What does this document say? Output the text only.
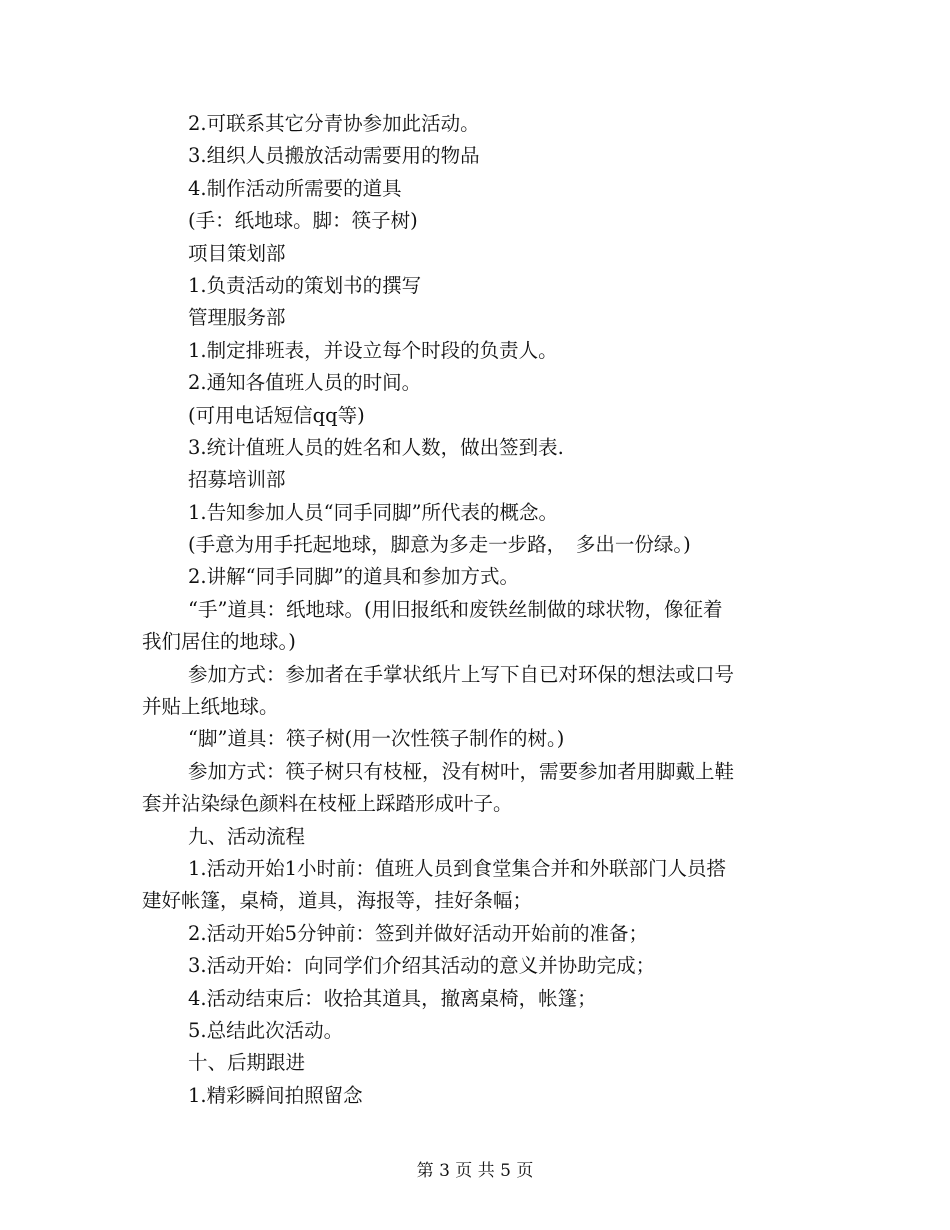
2.可联系其它分青协参加此活动。
3.组织人员搬放活动需要用的物品
4.制作活动所需要的道具
(手：纸地球。脚：筷子树)
项目策划部
1.负责活动的策划书的撰写
管理服务部
1.制定排班表，并设立每个时段的负责人。
2.通知各值班人员的时间。
(可用电话短信qq等)
3.统计值班人员的姓名和人数，做出签到表.
招募培训部
1.告知参加人员“同手同脚”所代表的概念。
(手意为用手托起地球，脚意为多走一步路，　多出一份绿。)
2.讲解“同手同脚”的道具和参加方式。
“手”道具：纸地球。(用旧报纸和废铁丝制做的球状物，像征着
我们居住的地球。)
参加方式：参加者在手掌状纸片上写下自已对环保的想法或口号
并贴上纸地球。
“脚”道具：筷子树(用一次性筷子制作的树。)
参加方式：筷子树只有枝桠，没有树叶，需要参加者用脚戴上鞋
套并沾染绿色颜料在枝桠上踩踏形成叶子。
九、活动流程
1.活动开始1小时前：值班人员到食堂集合并和外联部门人员搭
建好帐篷，桌椅，道具，海报等，挂好条幅；
2.活动开始5分钟前：签到并做好活动开始前的准备；
3.活动开始：向同学们介绍其活动的意义并协助完成；
4.活动结束后：收拾其道具，撤离桌椅，帐篷；
5.总结此次活动。
十、后期跟进
1.精彩瞬间拍照留念
第 3 页 共 5 页
